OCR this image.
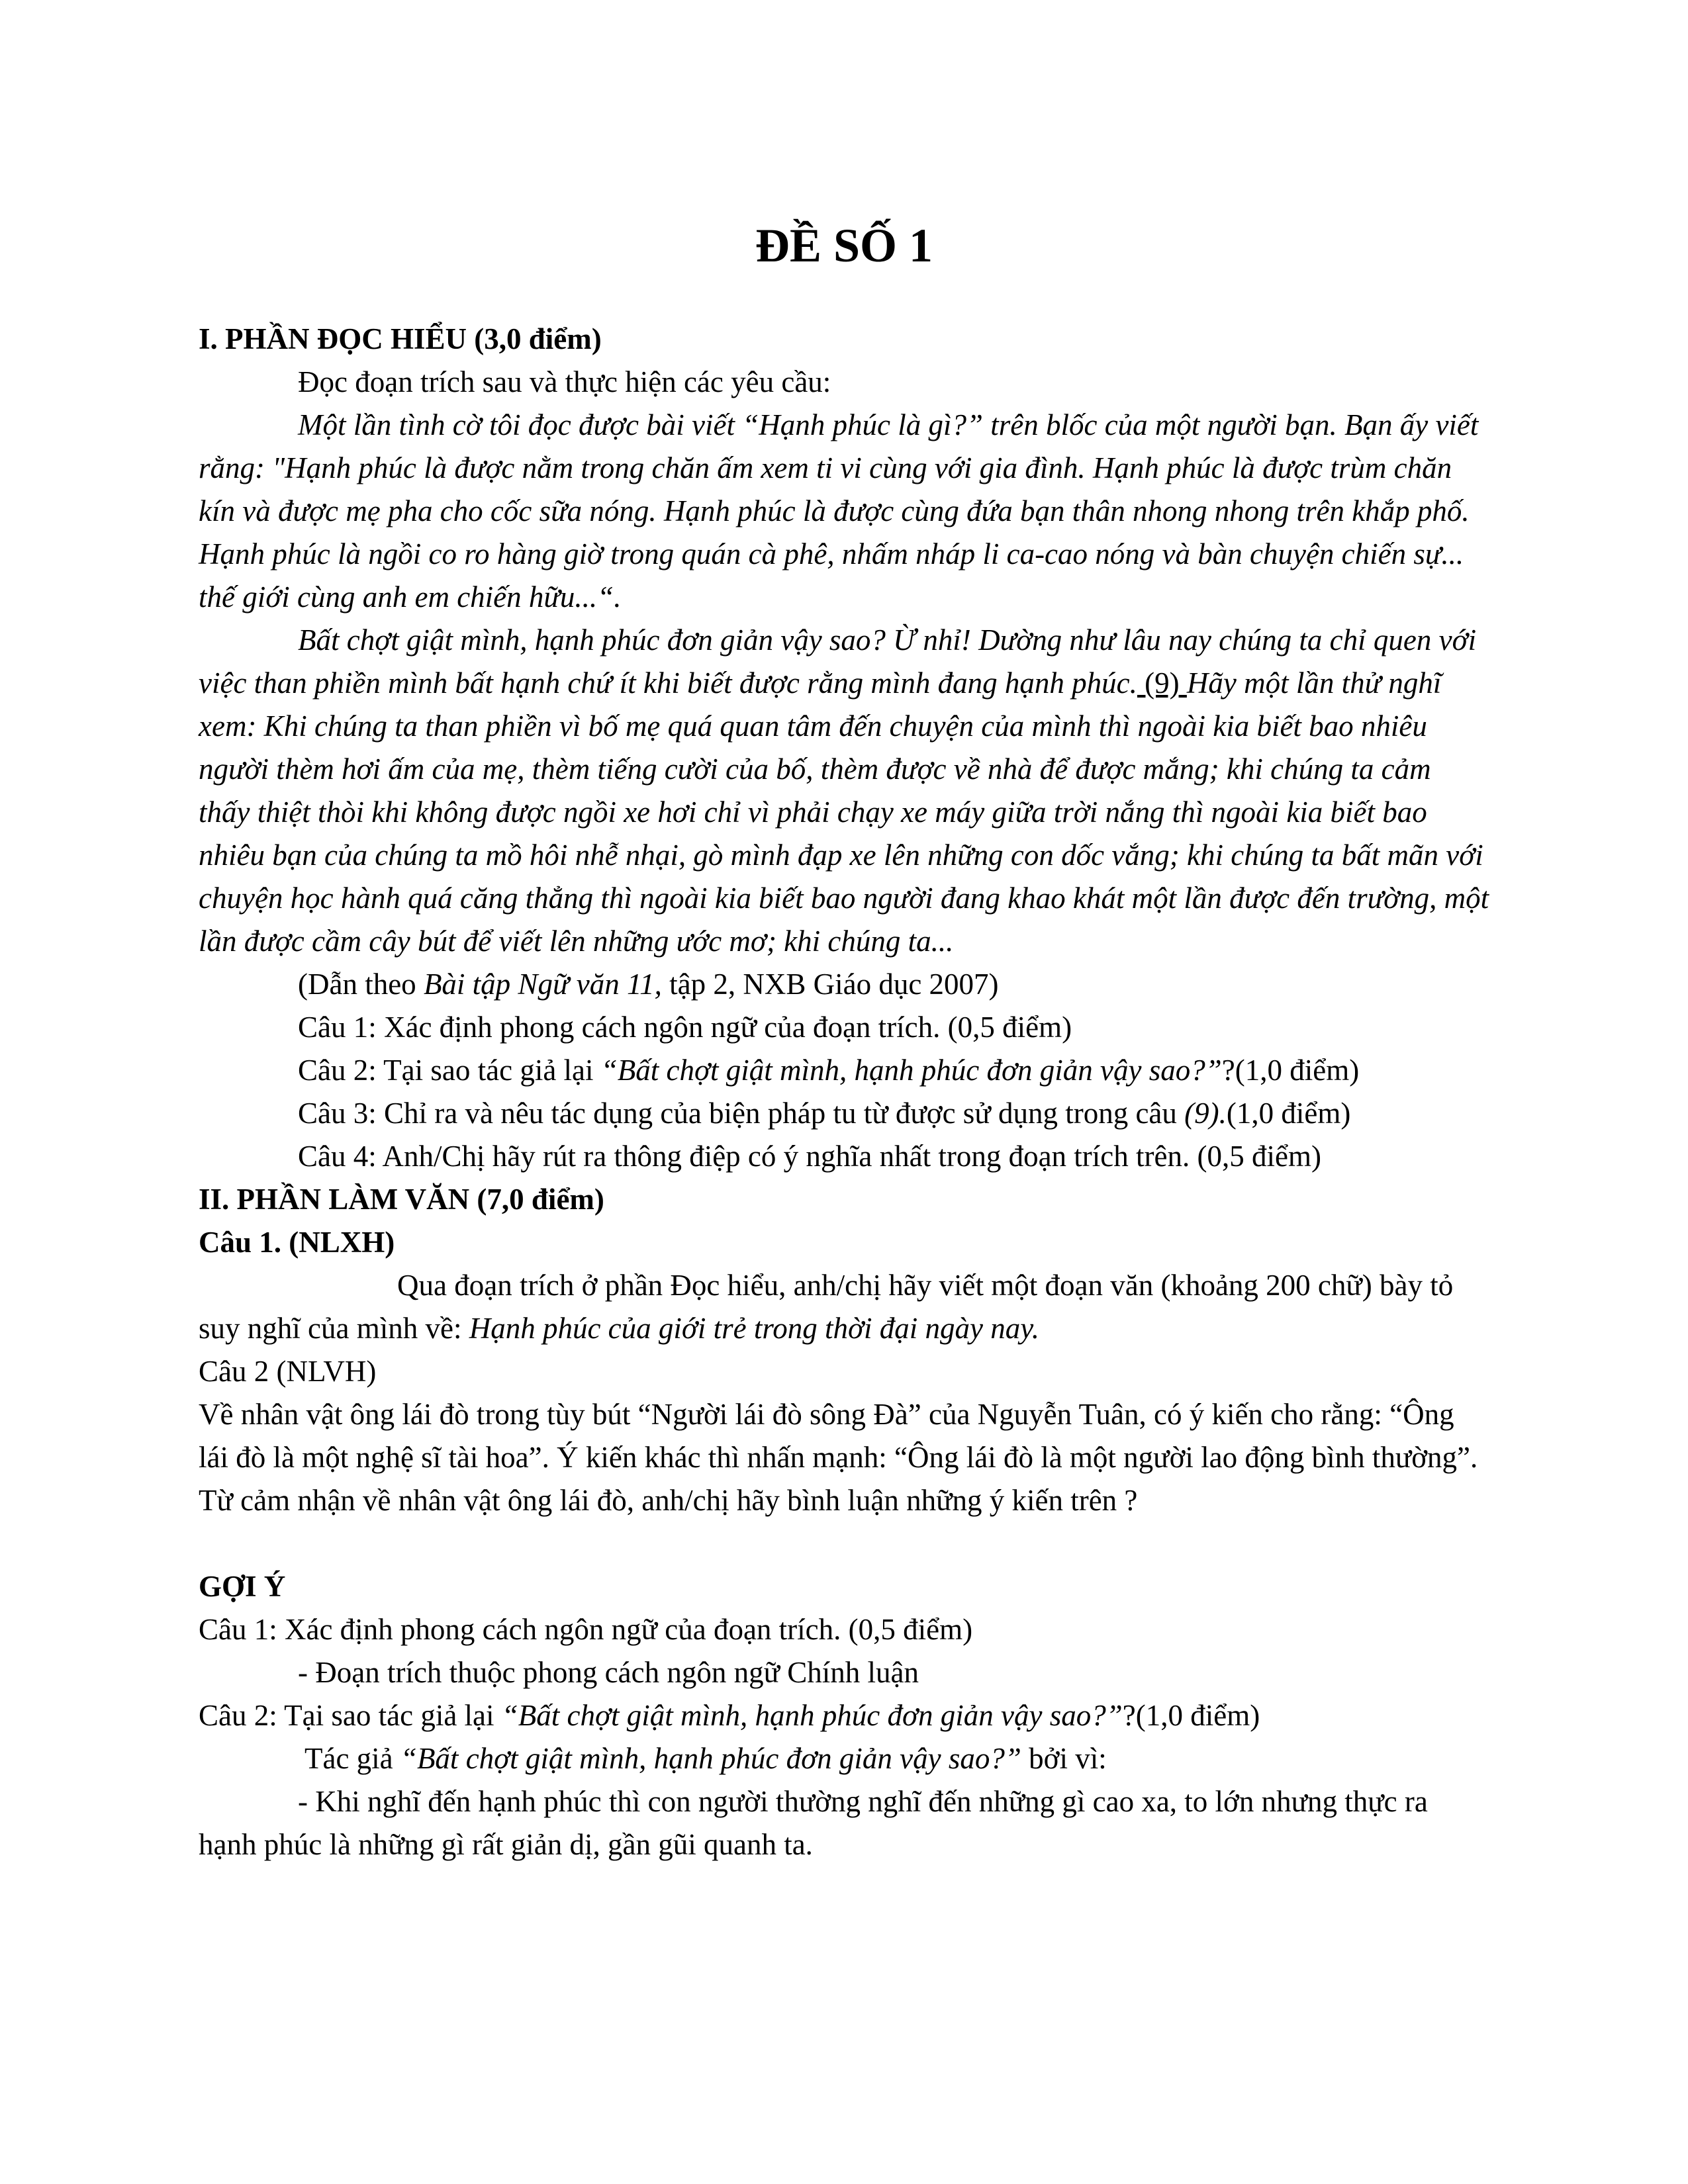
ĐỀ SỐ 1

I. PHẦN ĐỌC HIỂU (3,0 điểm)

Đọc đoạn trích sau và thực hiện các yêu cầu:

Một lần tình cờ tôi đọc được bài viết “Hạnh phúc là gì?” trên blốc của một người bạn. Bạn ấy viết rằng: "Hạnh phúc là được nằm trong chăn ấm xem ti vi cùng với gia đình. Hạnh phúc là được trùm chăn kín và được mẹ pha cho cốc sữa nóng. Hạnh phúc là được cùng đứa bạn thân nhong nhong trên khắp phố. Hạnh phúc là ngồi co ro hàng giờ trong quán cà phê, nhấm nháp li ca-cao nóng và bàn chuyện chiến sự... thế giới cùng anh em chiến hữu...“.

Bất chợt giật mình, hạnh phúc đơn giản vậy sao? Ừ nhỉ! Dường như lâu nay chúng ta chỉ quen với việc than phiền mình bất hạnh chứ ít khi biết được rằng mình đang hạnh phúc. (9) Hãy một lần thử nghĩ xem: Khi chúng ta than phiền vì bố mẹ quá quan tâm đến chuyện của mình thì ngoài kia biết bao nhiêu người thèm hơi ấm của mẹ, thèm tiếng cười của bố, thèm được về nhà để được mắng; khi chúng ta cảm thấy thiệt thòi khi không được ngồi xe hơi chỉ vì phải chạy xe máy giữa trời nắng thì ngoài kia biết bao nhiêu bạn của chúng ta mồ hôi nhễ nhại, gò mình đạp xe lên những con dốc vắng; khi chúng ta bất mãn với chuyện học hành quá căng thẳng thì ngoài kia biết bao người đang khao khát một lần được đến trường, một lần được cầm cây bút để viết lên những ước mơ; khi chúng ta...

(Dẫn theo Bài tập Ngữ văn 11, tập 2, NXB Giáo dục 2007)

Câu 1: Xác định phong cách ngôn ngữ của đoạn trích. (0,5 điểm)

Câu 2: Tại sao tác giả lại “Bất chợt giật mình, hạnh phúc đơn giản vậy sao?”?(1,0 điểm)

Câu 3: Chỉ ra và nêu tác dụng của biện pháp tu từ được sử dụng trong câu (9).(1,0 điểm)

Câu 4: Anh/Chị hãy rút ra thông điệp có ý nghĩa nhất trong đoạn trích trên. (0,5 điểm)

II. PHẦN LÀM VĂN (7,0 điểm)

Câu 1. (NLXH)

Qua đoạn trích ở phần Đọc hiểu, anh/chị hãy viết một đoạn văn (khoảng 200 chữ) bày tỏ suy nghĩ của mình về: Hạnh phúc của giới trẻ trong thời đại ngày nay.

Câu 2 (NLVH)

Về nhân vật ông lái đò trong tùy bút “Người lái đò sông Đà” của Nguyễn Tuân, có ý kiến cho rằng: “Ông lái đò là một nghệ sĩ tài hoa”. Ý kiến khác thì nhấn mạnh: “Ông lái đò là một người lao động bình thường”.

Từ cảm nhận về nhân vật ông lái đò, anh/chị hãy bình luận những ý kiến trên ?

GỢI Ý

Câu 1: Xác định phong cách ngôn ngữ của đoạn trích. (0,5 điểm)

- Đoạn trích thuộc phong cách ngôn ngữ Chính luận

Câu 2: Tại sao tác giả lại “Bất chợt giật mình, hạnh phúc đơn giản vậy sao?”?(1,0 điểm)

Tác giả “Bất chợt giật mình, hạnh phúc đơn giản vậy sao?” bởi vì:

- Khi nghĩ đến hạnh phúc thì con người thường nghĩ đến những gì cao xa, to lớn nhưng thực ra hạnh phúc là những gì rất giản dị, gần gũi quanh ta.
